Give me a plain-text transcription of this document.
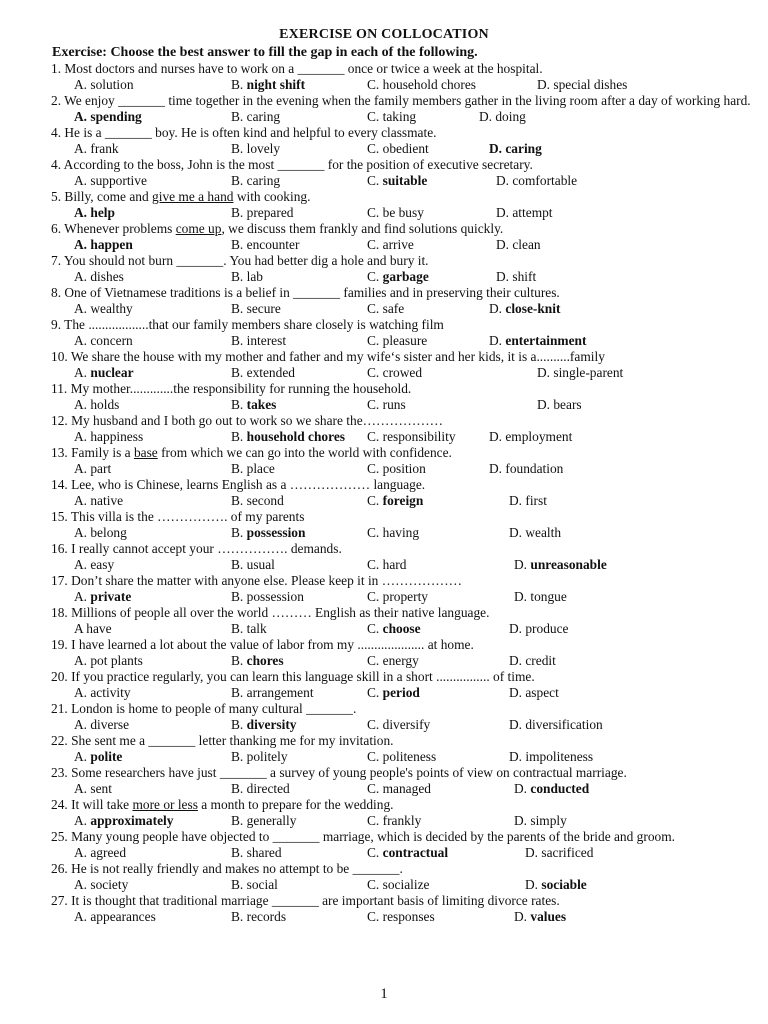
EXERCISE ON COLLOCATION
Exercise: Choose the best answer to fill the gap in each of the following.
1. Most doctors and nurses have to work on a _______ once or twice a week at the hospital.
A. solution	B. night shift	C. household chores	D. special dishes
2. We enjoy _______ time together in the evening when the family members gather in the living room after a day of working hard.
A. spending	B. caring	C. taking	D. doing
4. He is a _______ boy. He is often kind and helpful to every classmate.
A. frank	B. lovely	C. obedient	D. caring
4. According to the boss, John is the most _______ for the position of executive secretary.
A. supportive	B. caring	C. suitable	D. comfortable
5. Billy, come and give me a hand with cooking.
A. help	B. prepared	C. be busy	D. attempt
6. Whenever problems come up, we discuss them frankly and find solutions quickly.
A. happen	B. encounter	C. arrive	D. clean
7. You should not burn _______. You had better dig a hole and bury it.
A. dishes	B. lab	C. garbage	D. shift
8. One of Vietnamese traditions is a belief in _______ families and in preserving their cultures.
A. wealthy	B. secure	C. safe	D. close-knit
9. The ..................that our family members share closely is watching film
A. concern	B. interest	C. pleasure	D. entertainment
10. We share the house with my mother and father and my wife‘s sister and her kids, it is a..........family
A. nuclear	B. extended	C. crowed	D. single-parent
11. My mother.............the responsibility for running the household.
A. holds	B. takes	C. runs	D. bears
12. My husband and I both go out to work so we share the………………
A. happiness	B. household chores C. responsibility D. employment
13. Family is a base from which we can go into the world with confidence.
A. part	B. place	C. position	D. foundation
14. Lee, who is Chinese, learns English as a ……………… language.
A. native	B. second	C. foreign	D. first
15. This villa is the ……………. of my parents
A. belong	B. possession	C. having	D. wealth
16. I really cannot accept your ……………. demands.
A. easy	B. usual	C. hard	D. unreasonable
17. Don’t share the matter with anyone else. Please keep it in ………………
A. private	B. possession	C. property	D. tongue
18. Millions of people all over the world ……… English as their native language.
A have	B. talk	C. choose	D. produce
19. I have learned a lot about the value of labor from my .................... at home.
A. pot plants	B. chores	C. energy	D. credit
20. If you practice regularly, you can learn this language skill in a short ................ of time.
A. activity	B. arrangement	C. period	D. aspect
21. London is home to people of many cultural _______.
A. diverse	B. diversity	C. diversify	D. diversification
22. She sent me a _______ letter thanking me for my invitation.
A. polite	B. politely	C. politeness	D. impoliteness
23. Some researchers have just _______ a survey of young people's points of view on contractual marriage.
A. sent	B. directed	C. managed	D. conducted
24. It will take more or less a month to prepare for the wedding.
A. approximately	B. generally	C. frankly	D. simply
25. Many young people have objected to _______ marriage, which is decided by the parents of the bride and groom.
A. agreed	B. shared	C. contractual	D. sacrificed
26. He is not really friendly and makes no attempt to be _______.
A. society	B. social	C. socialize	D. sociable
27. It is thought that traditional marriage _______ are important basis of limiting divorce rates.
A. appearances	B. records	C. responses	D. values
1
